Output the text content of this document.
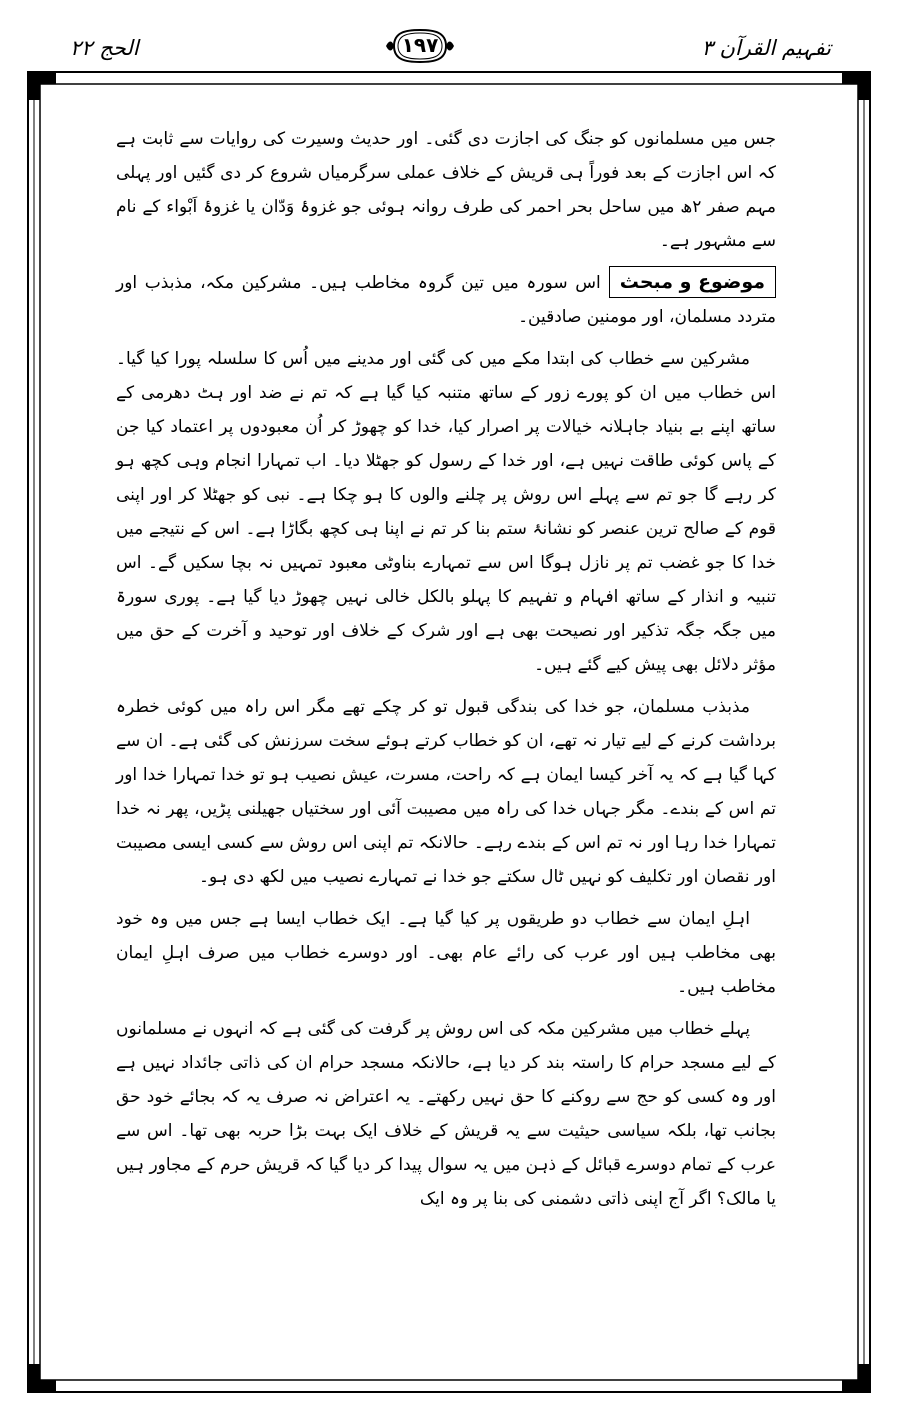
الحج ۲۲	۱۹۷	تفہیم القرآن ۳

جس میں مسلمانوں کو جنگ کی اجازت دی گئی۔ اور حدیث وسیرت کی روایات سے ثابت ہے کہ اس اجازت کے بعد فوراً ہی قریش کے خلاف عملی سرگرمیاں شروع کر دی گئیں اور پہلی مہم صفر ۲ھ میں ساحل بحر احمر کی طرف روانہ ہوئی جو غزوۂ وَدّان یا غزوۂ اَبْواء کے نام سے مشہور ہے۔

موضوع و مبحثاس سورہ میں تین گروہ مخاطب ہیں۔ مشرکین مکہ، مذبذب اور متردد مسلمان، اور مومنین صادقین۔

مشرکین سے خطاب کی ابتدا مکے میں کی گئی اور مدینے میں اُس کا سلسلہ پورا کیا گیا۔ اس خطاب میں ان کو پورے زور کے ساتھ متنبہ کیا گیا ہے کہ تم نے ضد اور ہٹ دھرمی کے ساتھ اپنے بے بنیاد جاہلانہ خیالات پر اصرار کیا، خدا کو چھوڑ کر اُن معبودوں پر اعتماد کیا جن کے پاس کوئی طاقت نہیں ہے، اور خدا کے رسول کو جھٹلا دیا۔ اب تمہارا انجام وہی کچھ ہو کر رہے گا جو تم سے پہلے اس روش پر چلنے والوں کا ہو چکا ہے۔ نبی کو جھٹلا کر اور اپنی قوم کے صالح ترین عنصر کو نشانۂ ستم بنا کر تم نے اپنا ہی کچھ بگاڑا ہے۔ اس کے نتیجے میں خدا کا جو غضب تم پر نازل ہوگا اس سے تمہارے بناوٹی معبود تمہیں نہ بچا سکیں گے۔ اس تنبیہ و انذار کے ساتھ افہام و تفہیم کا پہلو بالکل خالی نہیں چھوڑ دیا گیا ہے۔ پوری سورۃ میں جگہ جگہ تذکیر اور نصیحت بھی ہے اور شرک کے خلاف اور توحید و آخرت کے حق میں مؤثر دلائل بھی پیش کیے گئے ہیں۔

مذبذب مسلمان، جو خدا کی بندگی قبول تو کر چکے تھے مگر اس راہ میں کوئی خطرہ برداشت کرنے کے لیے تیار نہ تھے، ان کو خطاب کرتے ہوئے سخت سرزنش کی گئی ہے۔ ان سے کہا گیا ہے کہ یہ آخر کیسا ایمان ہے کہ راحت، مسرت، عیش نصیب ہو تو خدا تمہارا خدا اور تم اس کے بندے۔ مگر جہاں خدا کی راہ میں مصیبت آئی اور سختیاں جھیلنی پڑیں، پھر نہ خدا تمہارا خدا رہا اور نہ تم اس کے بندے رہے۔ حالانکہ تم اپنی اس روش سے کسی ایسی مصیبت اور نقصان اور تکلیف کو نہیں ٹال سکتے جو خدا نے تمہارے نصیب میں لکھ دی ہو۔

اہلِ ایمان سے خطاب دو طریقوں پر کیا گیا ہے۔ ایک خطاب ایسا ہے جس میں وہ خود بھی مخاطب ہیں اور عرب کی رائے عام بھی۔ اور دوسرے خطاب میں صرف اہلِ ایمان مخاطب ہیں۔

پہلے خطاب میں مشرکین مکہ کی اس روش پر گرفت کی گئی ہے کہ انہوں نے مسلمانوں کے لیے مسجد حرام کا راستہ بند کر دیا ہے، حالانکہ مسجد حرام ان کی ذاتی جائداد نہیں ہے اور وہ کسی کو حج سے روکنے کا حق نہیں رکھتے۔ یہ اعتراض نہ صرف یہ کہ بجائے خود حق بجانب تھا، بلکہ سیاسی حیثیت سے یہ قریش کے خلاف ایک بہت بڑا حربہ بھی تھا۔ اس سے عرب کے تمام دوسرے قبائل کے ذہن میں یہ سوال پیدا کر دیا گیا کہ قریش حرم کے مجاور ہیں یا مالک؟ اگر آج اپنی ذاتی دشمنی کی بنا پر وہ ایک
